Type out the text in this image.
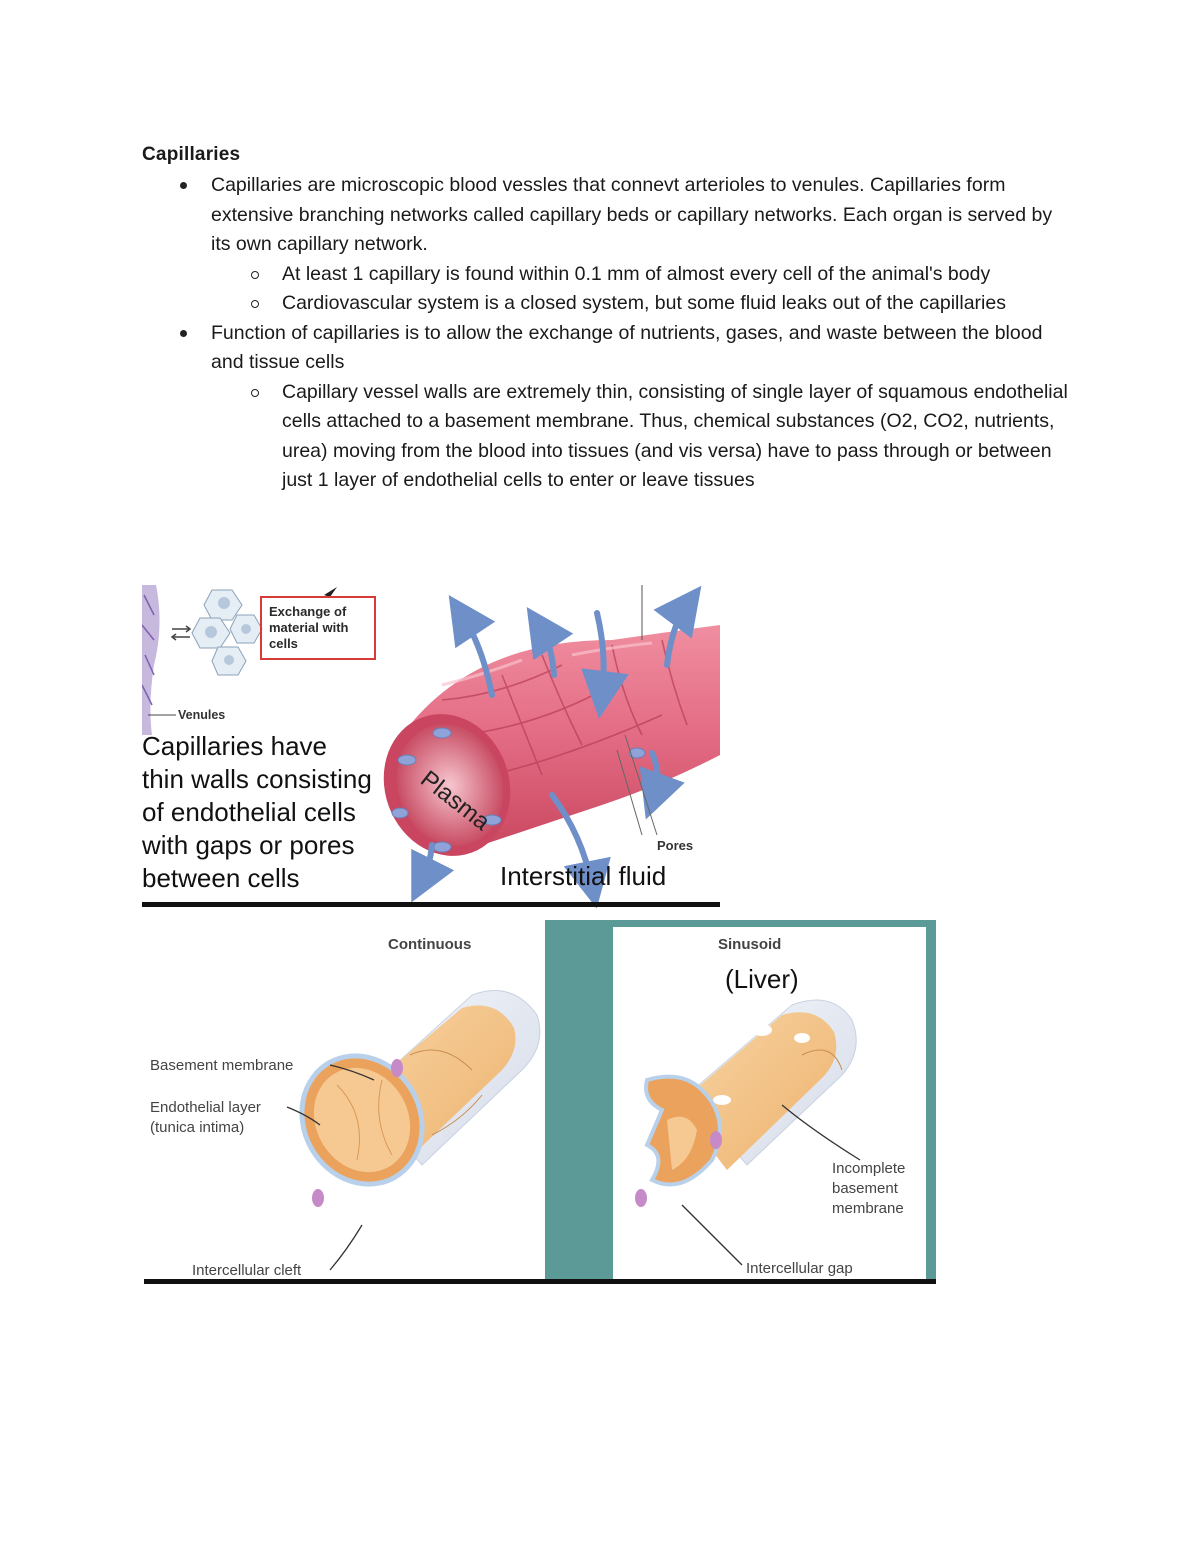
Capillaries
Capillaries are microscopic blood vessles that connevt arterioles to venules. Capillaries form extensive branching networks called capillary beds or capillary networks. Each organ is served by its own capillary network.
At least 1 capillary is found within 0.1 mm of almost every cell of the animal's body
Cardiovascular system is a closed system, but some fluid leaks out of the capillaries
Function of capillaries is to allow the exchange of nutrients, gases, and waste between the blood and tissue cells
Capillary vessel walls are extremely thin, consisting of single layer of squamous endothelial cells attached to a basement membrane. Thus, chemical substances (O2, CO2, nutrients, urea) moving from the blood into tissues (and vis versa) have to pass through or between just 1 layer of endothelial cells to enter or leave tissues
Exchange of
material with
cells
Venules
Plasma
Pores
Interstitial fluid
Capillaries have
thin walls consisting
of endothelial cells
with gaps or pores
between cells
Continuous
Basement membrane
Endothelial layer
(tunica intima)
Intercellular cleft
Sinusoid
(Liver)
Incomplete
basement
membrane
Intercellular gap
